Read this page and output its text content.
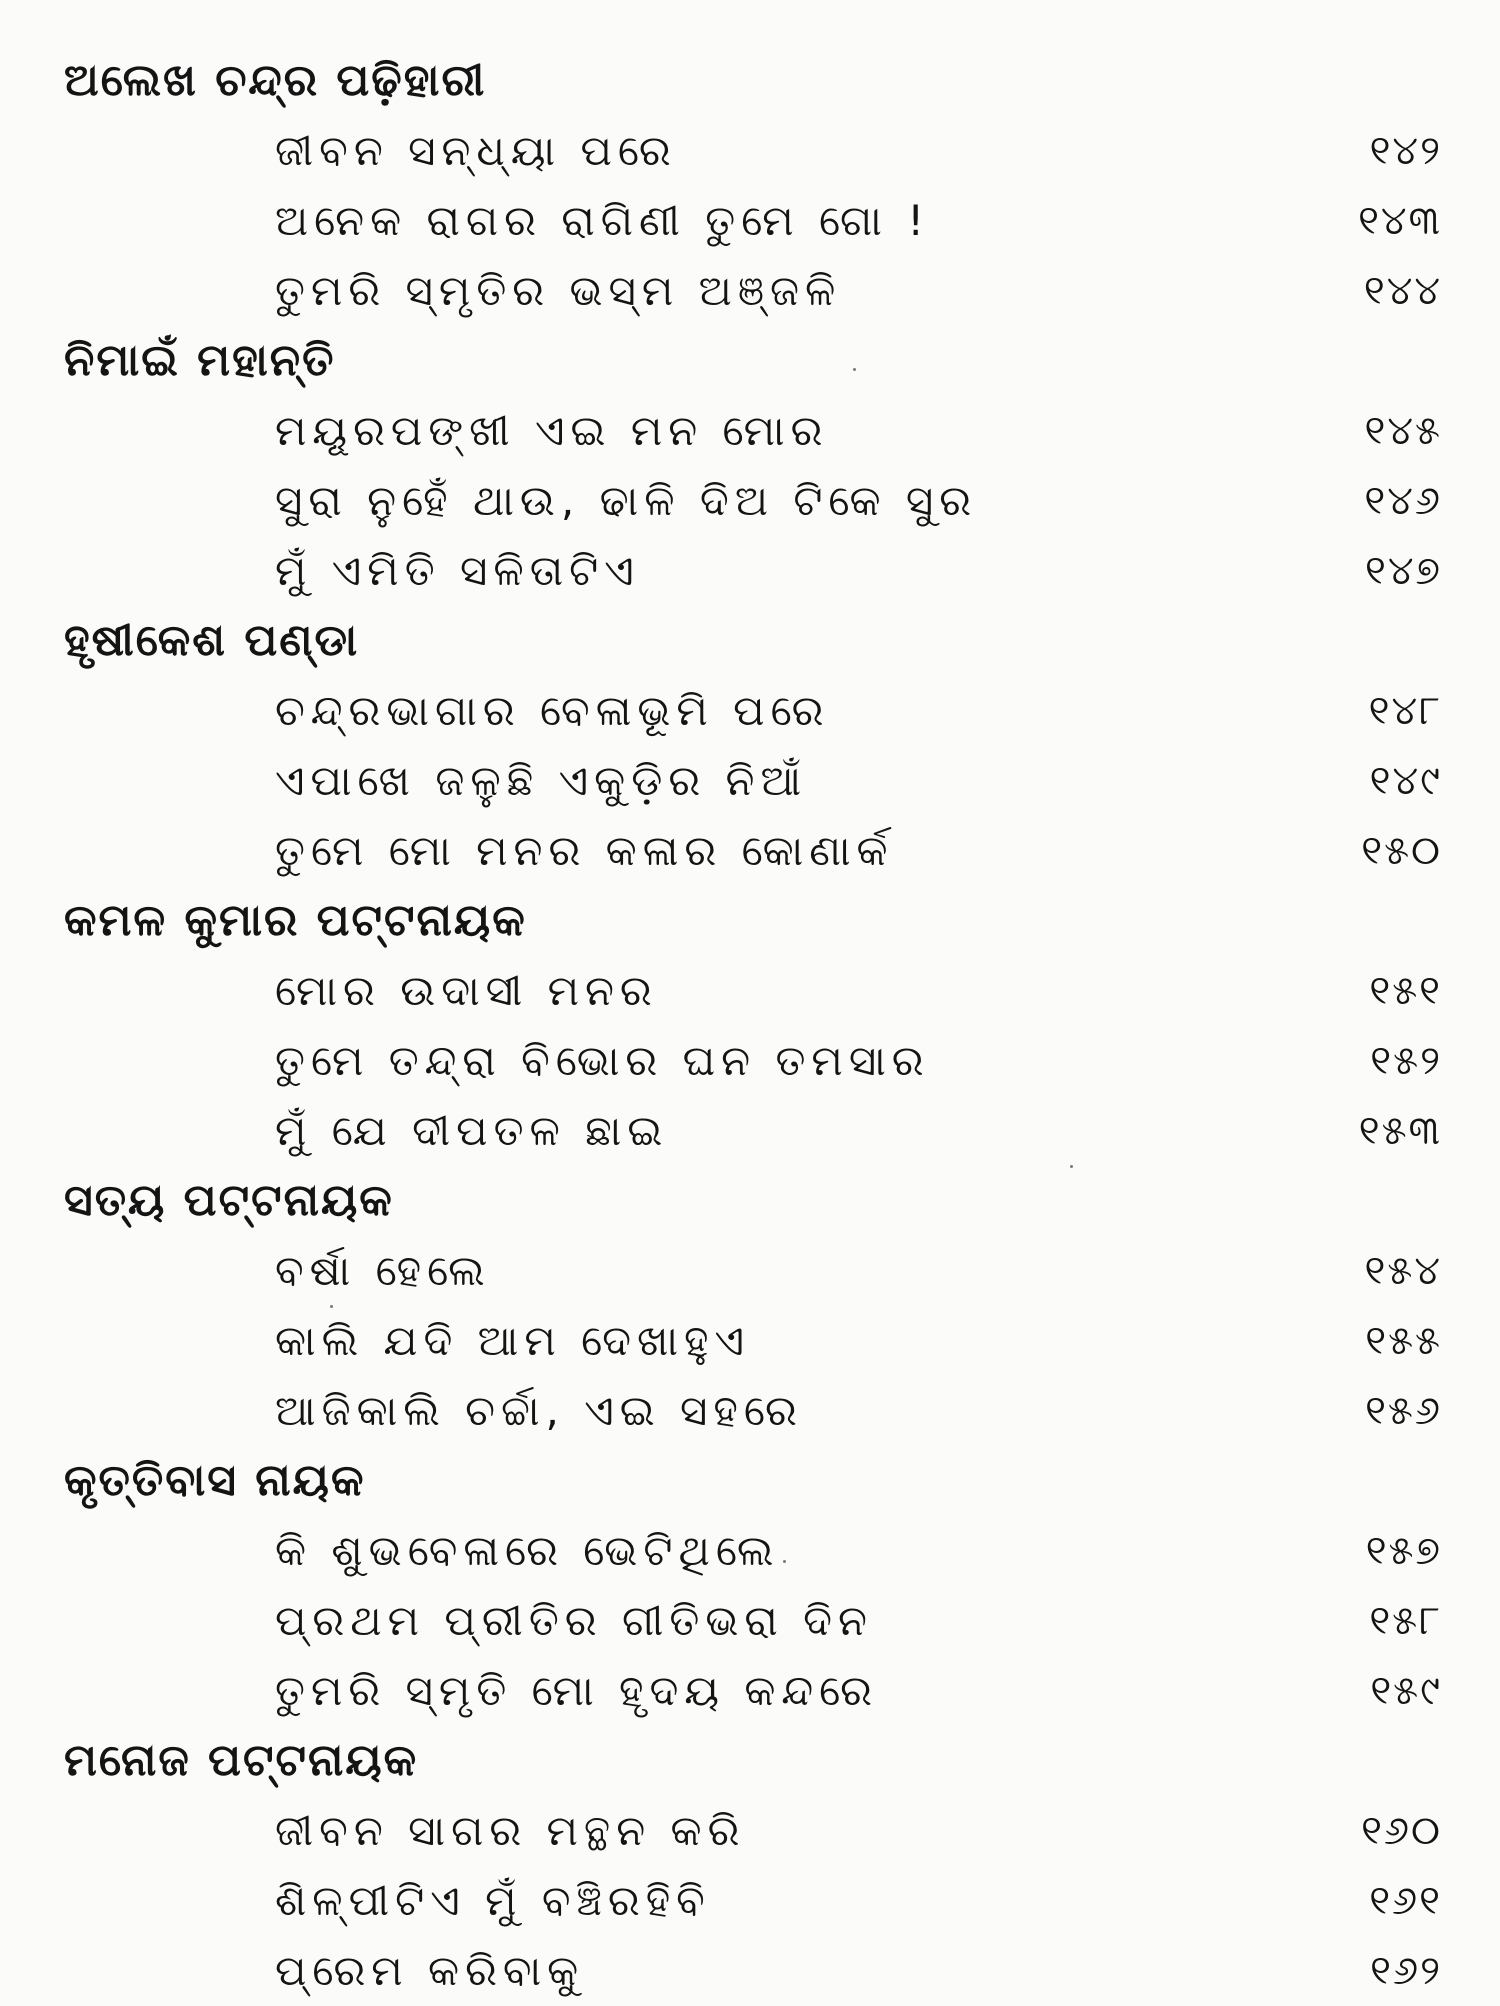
ଅଲେଖ ଚନ୍ଦ୍ର ପଢ଼ିହାରୀ
ଜୀବନ ସନ୍ଧ୍ୟା ପରେ	୧୪୨
ଅନେକ ରାଗର ରାଗିଣୀ ତୁମେ ଗୋ !	୧୪୩
ତୁମରି ସ୍ମୃତିର ଭସ୍ମ ଅଞ୍ଜଳି	୧୪୪
ନିମାଇଁ ମହାନ୍ତି
ମୟୂରପଙ୍ଖୀ ଏଇ ମନ ମୋର	୧୪୫
ସୁରା ନୁହେଁ ଥାଉ, ଢାଳି ଦିଅ ଟିକେ ସୁର	୧୪୬
ମୁଁ ଏମିତି ସଳିତାଟିଏ	୧୪୭
ହୃଷୀକେଶ ପଣ୍ଡା
ଚନ୍ଦ୍ରଭାଗାର ବେଳାଭୂମି ପରେ	୧୪୮
ଏପାଖେ ଜଳୁଛି ଏକୁଡ଼ିର ନିଆଁ	୧୪୯
ତୁମେ ମୋ ମନର କଳାର କୋଣାର୍କ	୧୫୦
କମଳ କୁମାର ପଟ୍ଟନାୟକ
ମୋର ଉଦାସୀ ମନର	୧୫୧
ତୁମେ ତନ୍ଦ୍ରା ବିଭୋର ଘନ ତମସାର	୧୫୨
ମୁଁ ଯେ ଦୀପତଳ ଛାଇ	୧୫୩
ସତ୍ୟ ପଟ୍ଟନାୟକ
ବର୍ଷା ହେଲେ	୧୫୪
କାଲି ଯଦି ଆମ ଦେଖାହୁଏ	୧୫୫
ଆଜିକାଲି ଚର୍ଚ୍ଚା, ଏଇ ସହରେ	୧୫୬
କୃତ୍ତିବାସ ନାୟକ
କି ଶୁଭବେଳାରେ ଭେଟିଥିଲେ	୧୫୭
ପ୍ରଥମ ପ୍ରୀତିର ଗୀତିଭରା ଦିନ	୧୫୮
ତୁମରି ସ୍ମୃତି ମୋ ହୃଦୟ କନ୍ଦରେ	୧୫୯
ମନୋଜ ପଟ୍ଟନାୟକ
ଜୀବନ ସାଗର ମନ୍ଥନ କରି	୧୬୦
ଶିଳ୍ପୀଟିଏ ମୁଁ ବଞ୍ଚିରହିବି	୧୬୧
ପ୍ରେମ କରିବାକୁ	୧୬୨
